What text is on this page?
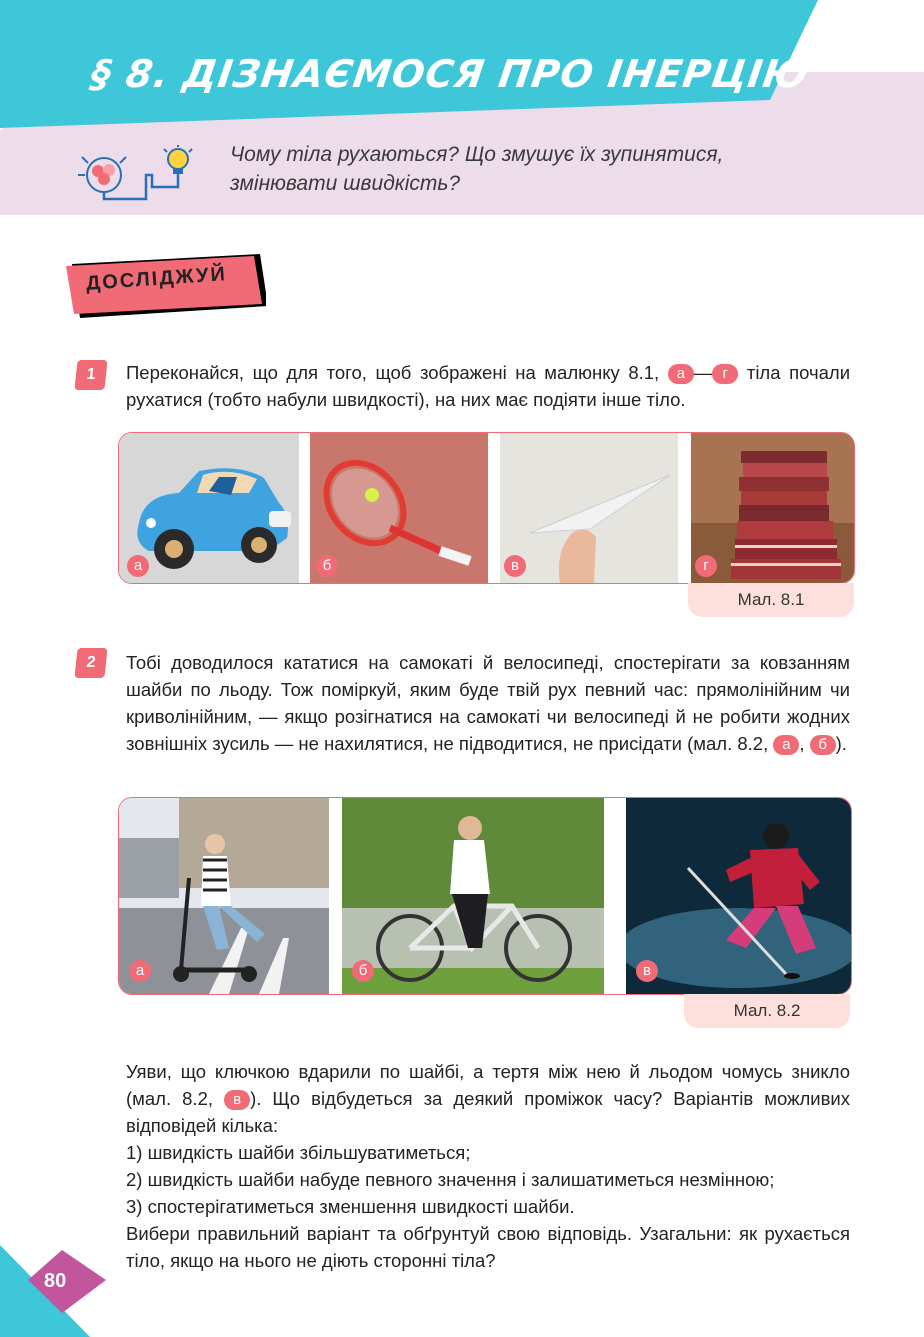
§ 8. ДІЗНАЄМОСЯ ПРО ІНЕРЦІЮ
Чому тіла рухаються? Що змушує їх зупинятися,
змінювати швидкість?
ДОСЛІДЖУЙ
1	Переконайся, що для того, щоб зображені на малюнку 8.1, а — г тіла почали рухатися (тобто набули швидкості), на них має подіяти інше тіло.

а	б	в	г
Мал. 8.1
2	Тобі доводилося кататися на самокаті й велосипеді, спостерігати за ковзанням шайби по льоду. Тож поміркуй, яким буде твій рух певний час: прямолінійним чи криволінійним, — якщо розігнатися на самокаті чи велосипеді й не робити жодних зовнішніх зусиль — не нахилятися, не підводитися, не присідати (мал. 8.2, а , б ).

а	б	в
Мал. 8.2

Уяви, що ключкою вдарили по шайбі, а тертя між нею й льодом чомусь зникло (мал. 8.2, в ). Що відбудеться за деякий проміжок часу? Варіантів можливих відповідей кілька:

1) швидкість шайби збільшуватиметься;

2) швидкість шайби набуде певного значення і залишатиметься незмінною;

3) спостерігатиметься зменшення швидкості шайби.

Вибери правильний варіант та обґрунтуй свою відповідь. Узагальни: як рухається тіло, якщо на нього не діють сторонні тіла?

80
